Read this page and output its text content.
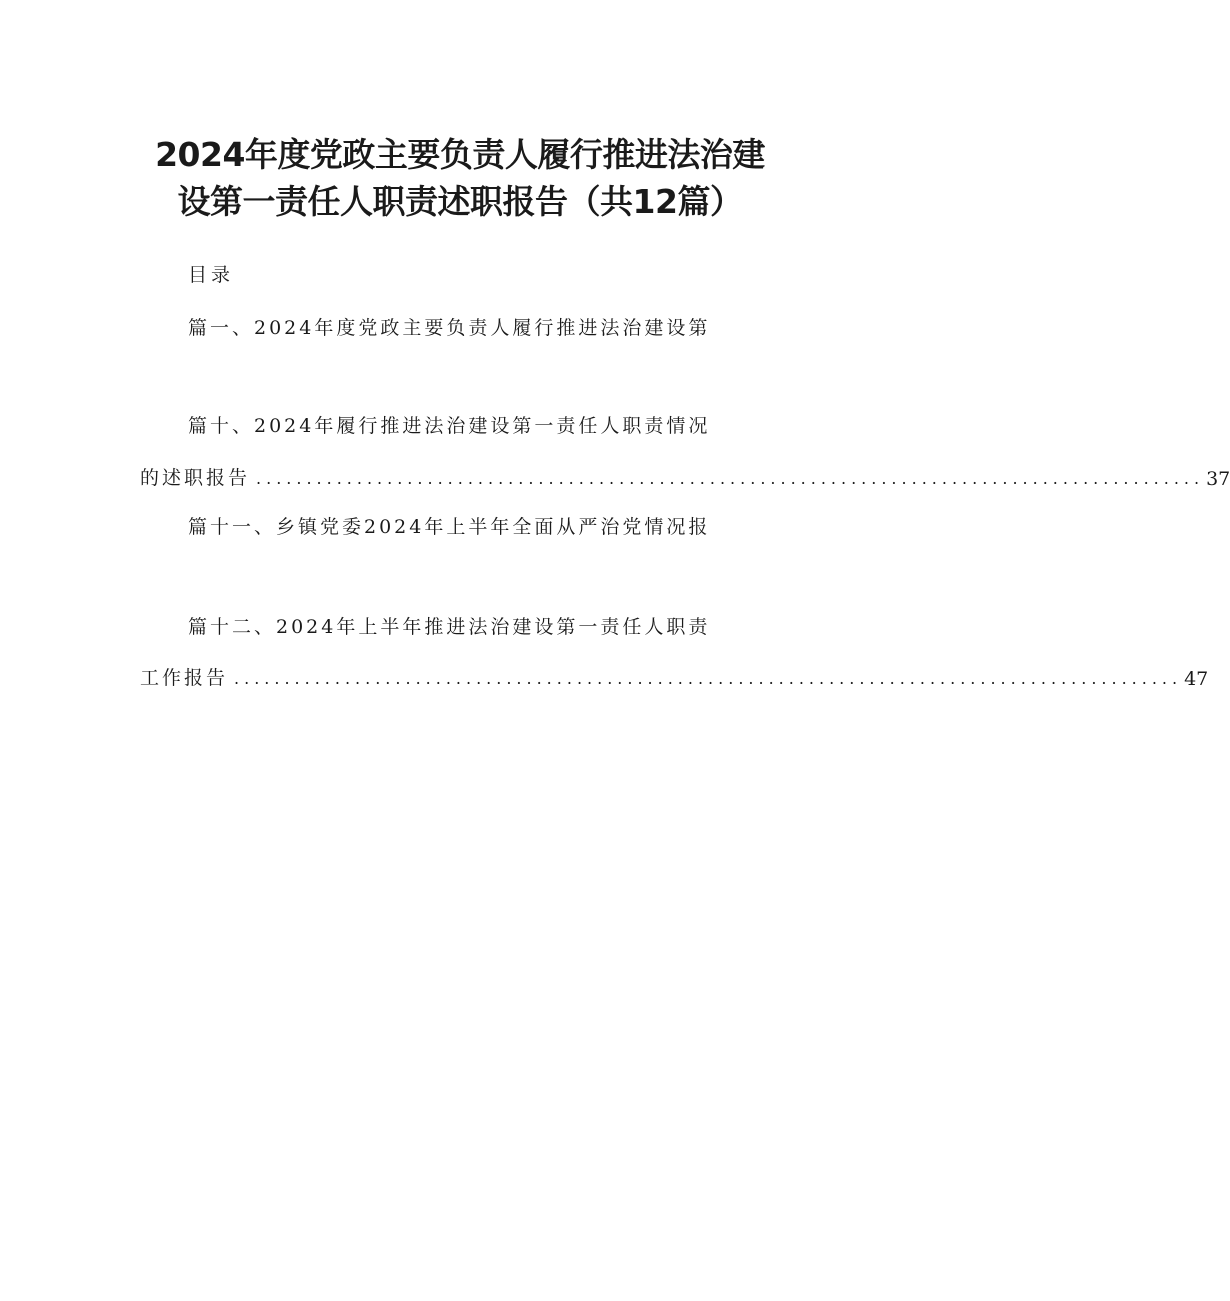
2024年度党政主要负责人履行推进法治建
设第一责任人职责述职报告（共12篇）
目录
篇一、2024年度党政主要负责人履行推进法治建设第
篇十、2024年履行推进法治建设第一责任人职责情况
的述职报告 .............................................................................................. 37
篇十一、乡镇党委2024年上半年全面从严治党情况报
篇十二、2024年上半年推进法治建设第一责任人职责
工作报告 .............................................................................................. 47
